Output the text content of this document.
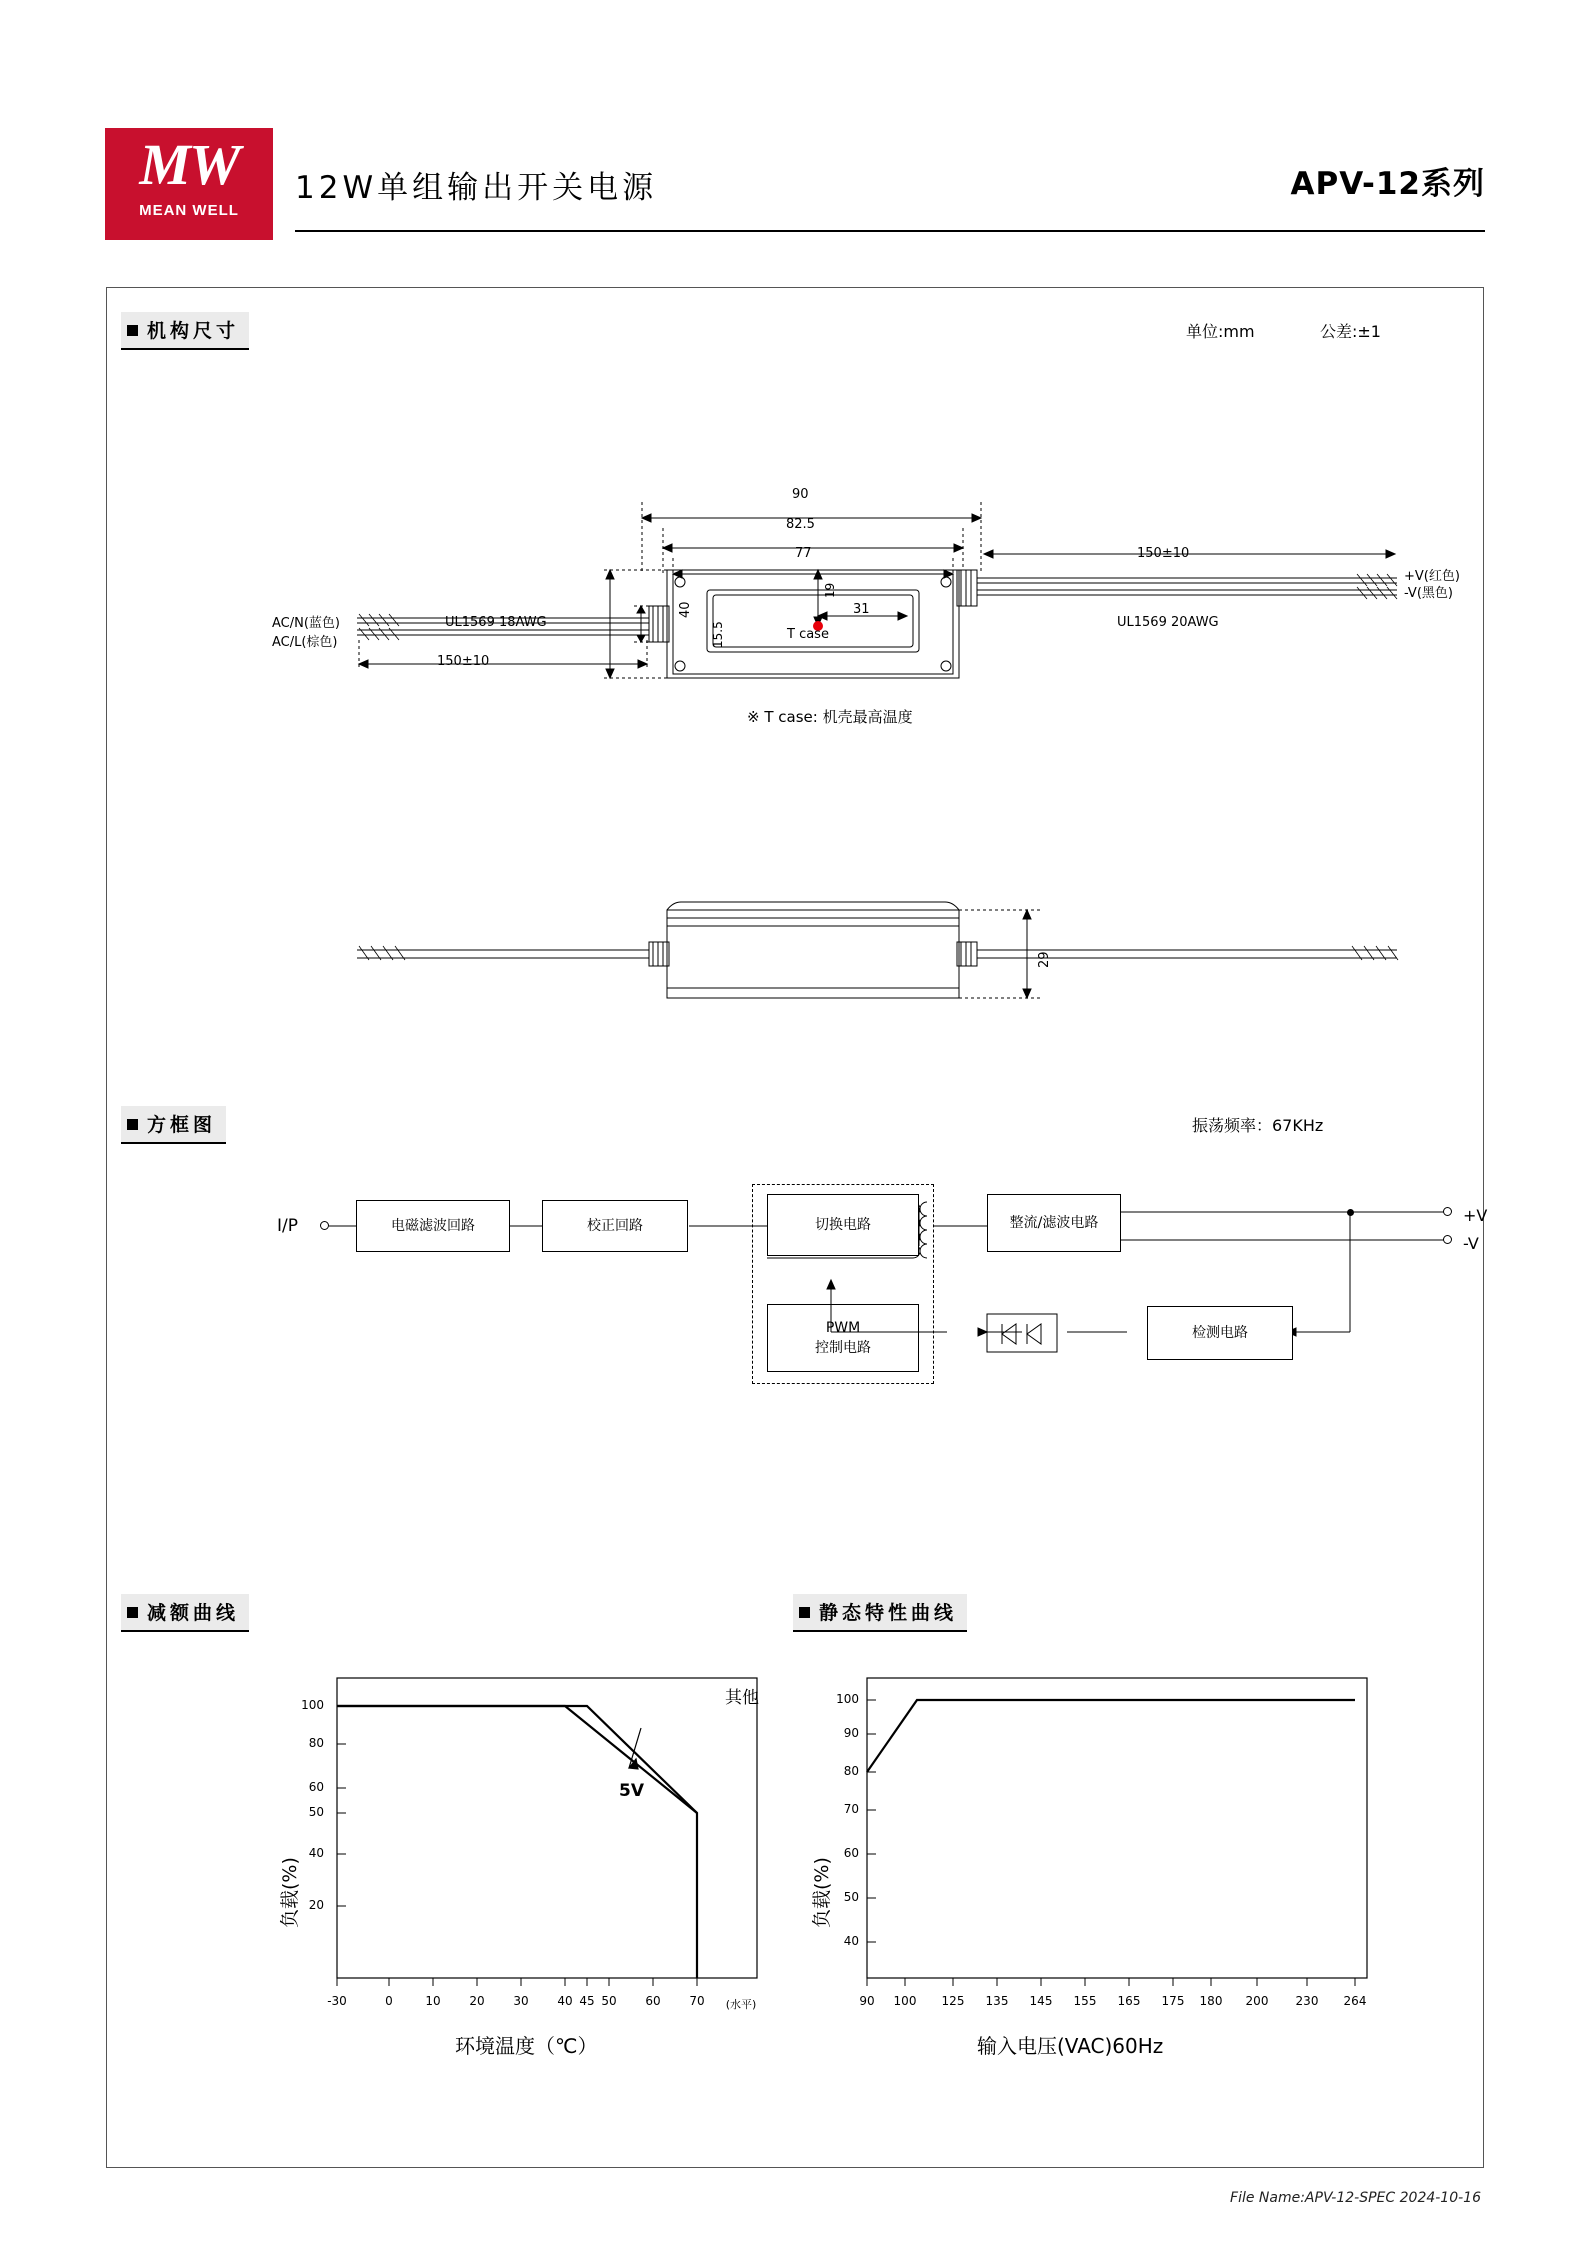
MW
MEAN WELL
12W单组输出开关电源	APV-12系列
机构尺寸	单位:mm	公差:±1
90
82.5
77
40
15.5
19
31
T case
150±10
150±10
UL1569 18AWG	UL1569 20AWG
AC/N(蓝色)
AC/L(棕色)
+V(红色)
-V(黑色)
※ T case: 机壳最高温度
29
方框图	振荡频率：67KHz
电磁滤波回路	校正回路	切换电路	整流/滤波电路
检测电路
PWM
控制电路
I/P
+V
-V
减额曲线	静态特性曲线
100
80
60
50
40
20
-30	0	10	20	30	40 45 50	60	70	(水平)
其他
5V
负载(%)
环境温度（℃）
100
90
80
70
60
50
40
90	100	125	135	145	155	165	175	180	200	230	264
负载(%)
输入电压(VAC)60Hz
File Name:APV-12-SPEC 2024-10-16
